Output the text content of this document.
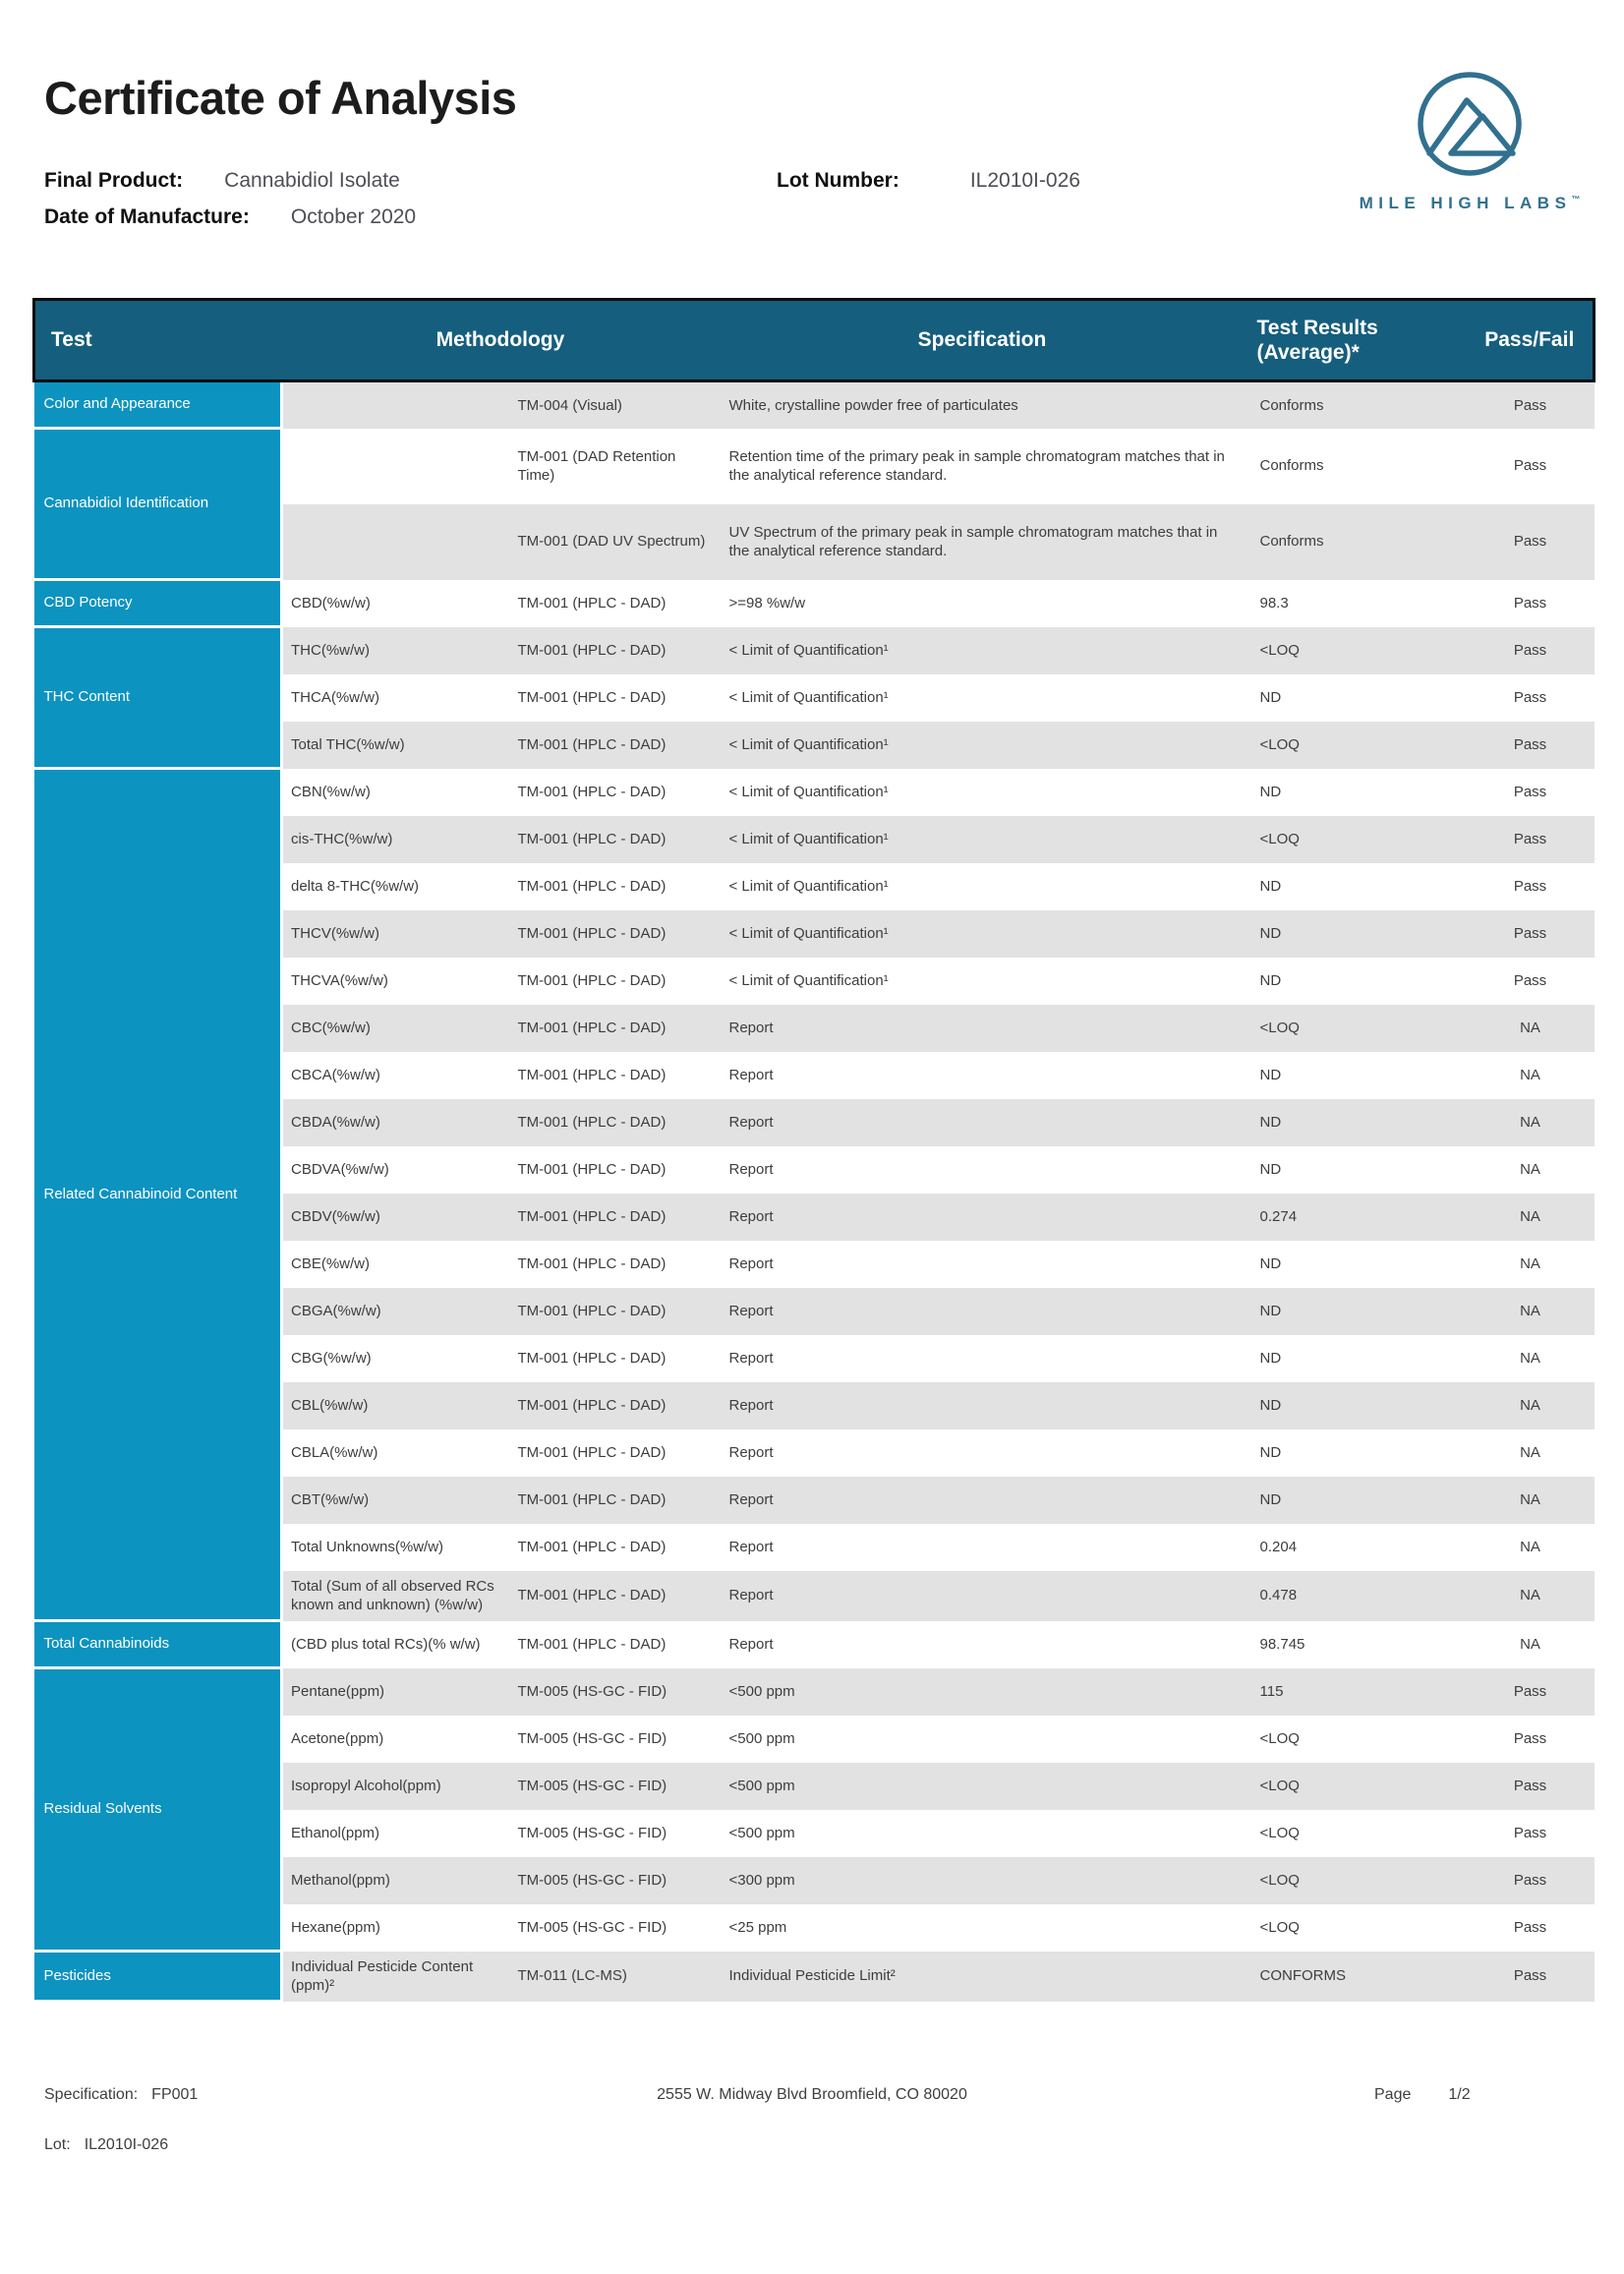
Certificate of Analysis
Final Product: Cannabidiol Isolate
Date of Manufacture: October 2020
Lot Number:	IL2010I-026
MILE HIGH LABS™
Test	Methodology		Specification	Test Results
(Average)*	Pass/Fail
Color and Appearance		TM-004 (Visual)	White, crystalline powder free of particulates	Conforms	Pass
Cannabidiol Identification		TM-001 (DAD Retention Time)	Retention time of the primary peak in sample chromatogram matches that in the analytical reference standard.	Conforms	Pass
		TM-001 (DAD UV Spectrum)	UV Spectrum of the primary peak in sample chromatogram matches that in the analytical reference standard.	Conforms	Pass
CBD Potency	CBD(%w/w)	TM-001 (HPLC - DAD)	>=98 %w/w	98.3	Pass
THC Content	THC(%w/w)	TM-001 (HPLC - DAD)	< Limit of Quantification¹	<LOQ	Pass
	THCA(%w/w)	TM-001 (HPLC - DAD)	< Limit of Quantification¹	ND	Pass
	Total THC(%w/w)	TM-001 (HPLC - DAD)	< Limit of Quantification¹	<LOQ	Pass
Related Cannabinoid Content	CBN(%w/w)	TM-001 (HPLC - DAD)	< Limit of Quantification¹	ND	Pass
	cis-THC(%w/w)	TM-001 (HPLC - DAD)	< Limit of Quantification¹	<LOQ	Pass
	delta 8-THC(%w/w)	TM-001 (HPLC - DAD)	< Limit of Quantification¹	ND	Pass
	THCV(%w/w)	TM-001 (HPLC - DAD)	< Limit of Quantification¹	ND	Pass
	THCVA(%w/w)	TM-001 (HPLC - DAD)	< Limit of Quantification¹	ND	Pass
	CBC(%w/w)	TM-001 (HPLC - DAD)	Report	<LOQ	NA
	CBCA(%w/w)	TM-001 (HPLC - DAD)	Report	ND	NA
	CBDA(%w/w)	TM-001 (HPLC - DAD)	Report	ND	NA
	CBDVA(%w/w)	TM-001 (HPLC - DAD)	Report	ND	NA
	CBDV(%w/w)	TM-001 (HPLC - DAD)	Report	0.274	NA
	CBE(%w/w)	TM-001 (HPLC - DAD)	Report	ND	NA
	CBGA(%w/w)	TM-001 (HPLC - DAD)	Report	ND	NA
	CBG(%w/w)	TM-001 (HPLC - DAD)	Report	ND	NA
	CBL(%w/w)	TM-001 (HPLC - DAD)	Report	ND	NA
	CBLA(%w/w)	TM-001 (HPLC - DAD)	Report	ND	NA
	CBT(%w/w)	TM-001 (HPLC - DAD)	Report	ND	NA
	Total Unknowns(%w/w)	TM-001 (HPLC - DAD)	Report	0.204	NA
	Total (Sum of all observed RCs known and unknown) (%w/w)	TM-001 (HPLC - DAD)	Report	0.478	NA
Total Cannabinoids	(CBD plus total RCs)(% w/w)	TM-001 (HPLC - DAD)	Report	98.745	NA
Residual Solvents	Pentane(ppm)	TM-005 (HS-GC - FID)	<500 ppm	115	Pass
	Acetone(ppm)	TM-005 (HS-GC - FID)	<500 ppm	<LOQ	Pass
	Isopropyl Alcohol(ppm)	TM-005 (HS-GC - FID)	<500 ppm	<LOQ	Pass
	Ethanol(ppm)	TM-005 (HS-GC - FID)	<500 ppm	<LOQ	Pass
	Methanol(ppm)	TM-005 (HS-GC - FID)	<300 ppm	<LOQ	Pass
	Hexane(ppm)	TM-005 (HS-GC - FID)	<25 ppm	<LOQ	Pass
Pesticides	Individual Pesticide Content (ppm)²	TM-011 (LC-MS)	Individual Pesticide Limit²	CONFORMS	Pass
Specification: FP001
Lot: IL2010I-026
2555 W. Midway Blvd Broomfield, CO 80020	Page 1/2
